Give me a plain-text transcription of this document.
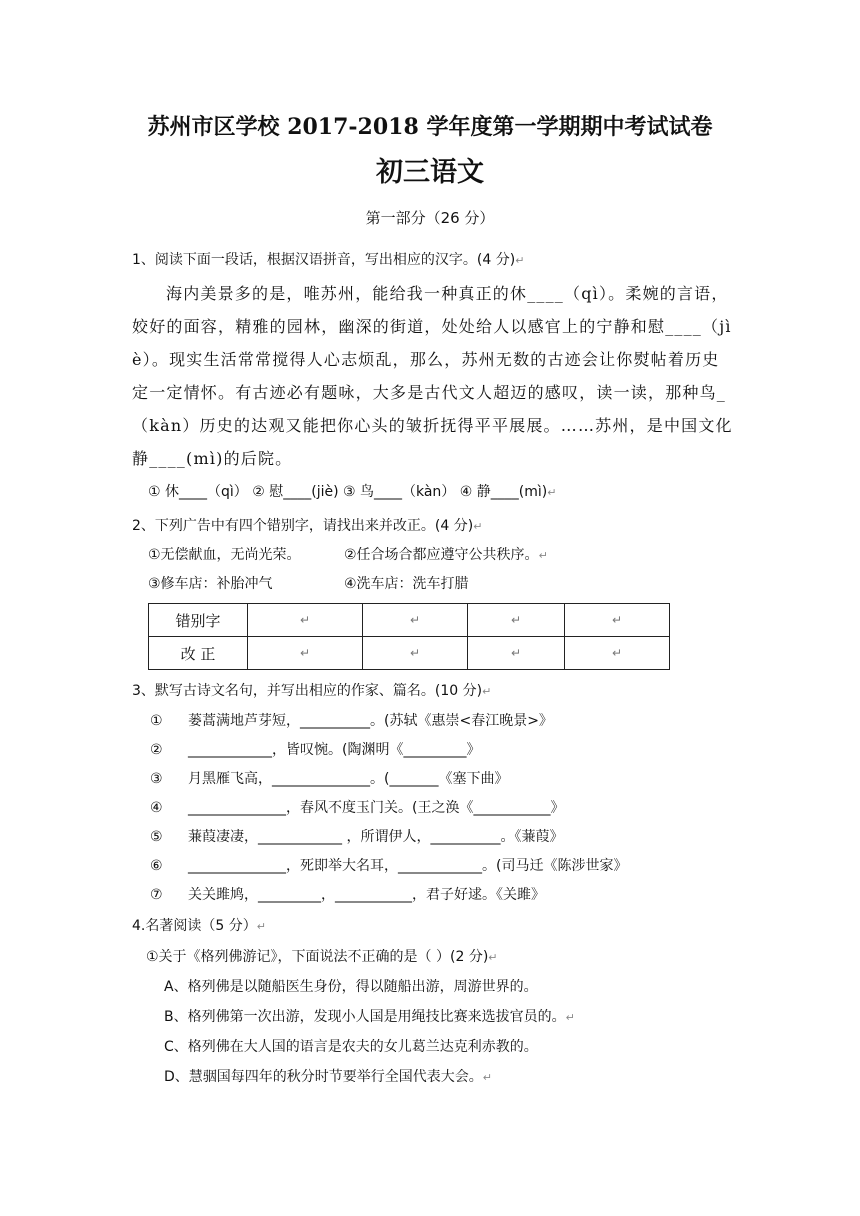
苏州市区学校 2017-2018 学年度第一学期期中考试试卷
初三语文
第一部分（26 分）
1、阅读下面一段话，根据汉语拼音，写出相应的汉字。(4 分)↵
海内美景多的是，唯苏州，能给我一种真正的休____（qì）。柔婉的言语，
姣好的面容，精雅的园林，幽深的街道，处处给人以感官上的宁静和慰____（jì
è）。现实生活常常搅得人心志烦乱，那么，苏州无数的古迹会让你熨帖着历史
定一定情怀。有古迹必有题咏，大多是古代文人超迈的感叹，读一读，那种鸟_
（kàn）历史的达观又能把你心头的皱折抚得平平展展。……苏州，是中国文化
静____(mì)的后院。
① 休____（qì） ② 慰____(jiè) ③ 鸟____（kàn） ④ 静____(mì)↵
2、下列广告中有四个错别字，请找出来并改正。(4 分)↵
①无偿献血，无尚光荣。	②任合场合都应遵守公共秩序。↵
③修车店：补胎冲气	④洗车店：洗车打腊
错别字	↵	↵	↵	↵
改 正	↵	↵	↵	↵
3、默写古诗文名句，并写出相应的作家、篇名。(10 分)↵
① 蒌蒿满地芦芽短，__________。(苏轼《惠崇<春江晚景>》
② ____________，皆叹惋。(陶渊明《_________》
③ 月黑雁飞高，______________。(_______《塞下曲》
④ ______________，春风不度玉门关。(王之涣《___________》
⑤ 蒹葭凄凄，____________ ，所谓伊人，__________。《蒹葭》
⑥ ______________，死即举大名耳，____________。(司马迁《陈涉世家》
⑦ 关关雎鸠，_________，___________，君子好逑。《关雎》
4.名著阅读（5 分）↵
①关于《格列佛游记》，下面说法不正确的是（ ）(2 分)↵
A、格列佛是以随船医生身份，得以随船出游，周游世界的。
B、格列佛第一次出游，发现小人国是用绳技比赛来选拔官员的。↵
C、格列佛在大人国的语言是农夫的女儿葛兰达克利赤教的。
D、慧骃国每四年的秋分时节要举行全国代表大会。↵
